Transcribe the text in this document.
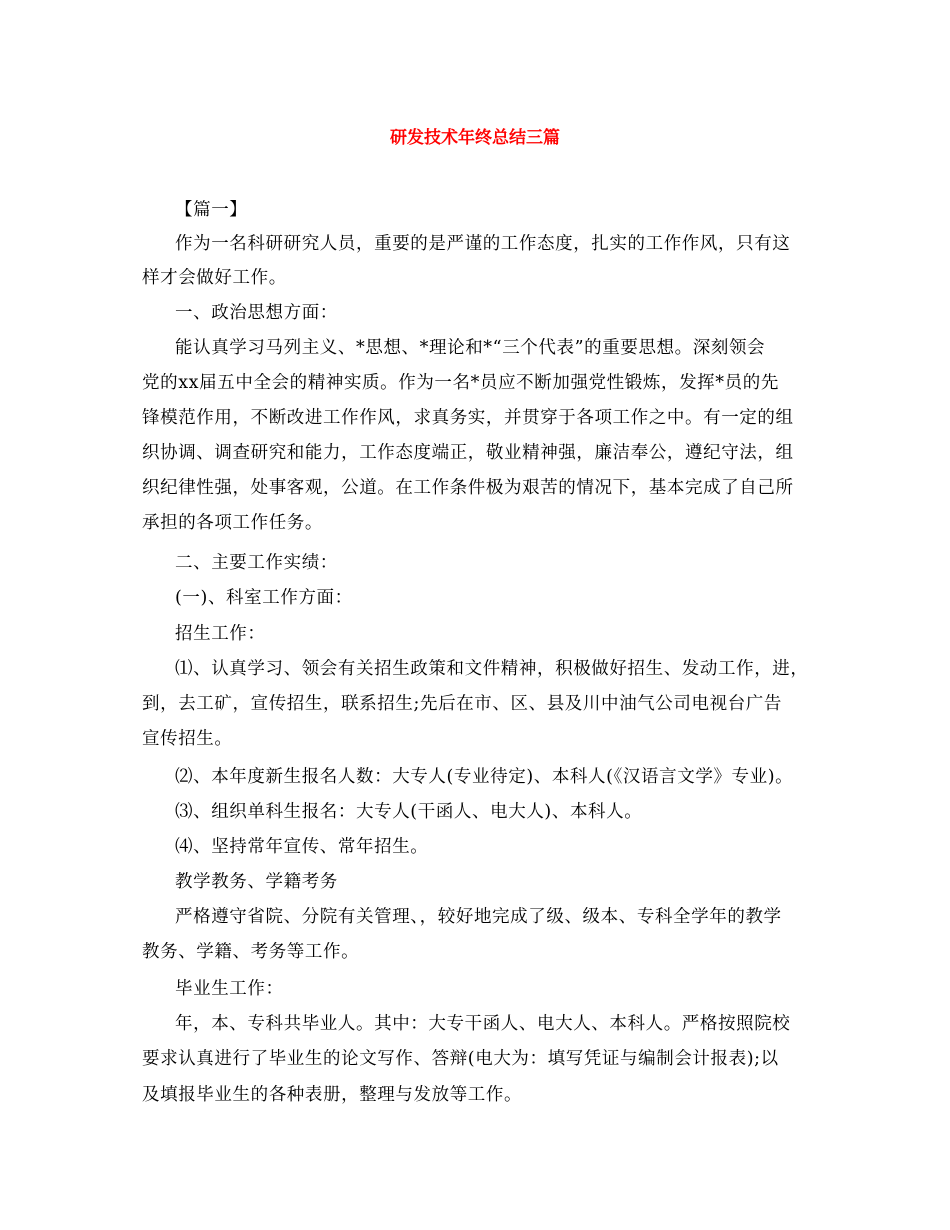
研发技术年终总结三篇
【篇一】
作为一名科研研究人员，重要的是严谨的工作态度，扎实的工作作风，只有这
样才会做好工作。
一、政治思想方面：
能认真学习马列主义、*思想、*理论和*“三个代表”的重要思想。深刻领会
党的xx届五中全会的精神实质。作为一名*员应不断加强党性锻炼，发挥*员的先
锋模范作用，不断改进工作作风，求真务实，并贯穿于各项工作之中。有一定的组
织协调、调查研究和能力，工作态度端正，敬业精神强，廉洁奉公，遵纪守法，组
织纪律性强，处事客观，公道。在工作条件极为艰苦的情况下，基本完成了自己所
承担的各项工作任务。
二、主要工作实绩：
(一)、科室工作方面：
招生工作：
⑴、认真学习、领会有关招生政策和文件精神，积极做好招生、发动工作，进，
到，去工矿，宣传招生，联系招生;先后在市、区、县及川中油气公司电视台广告
宣传招生。
⑵、本年度新生报名人数：大专人(专业待定)、本科人(《汉语言文学》专业)。
⑶、组织单科生报名：大专人(干函人、电大人)、本科人。
⑷、坚持常年宣传、常年招生。
教学教务、学籍考务
严格遵守省院、分院有关管理、，较好地完成了级、级本、专科全学年的教学
教务、学籍、考务等工作。
毕业生工作：
年，本、专科共毕业人。其中：大专干函人、电大人、本科人。严格按照院校
要求认真进行了毕业生的论文写作、答辩(电大为：填写凭证与编制会计报表);以
及填报毕业生的各种表册，整理与发放等工作。
